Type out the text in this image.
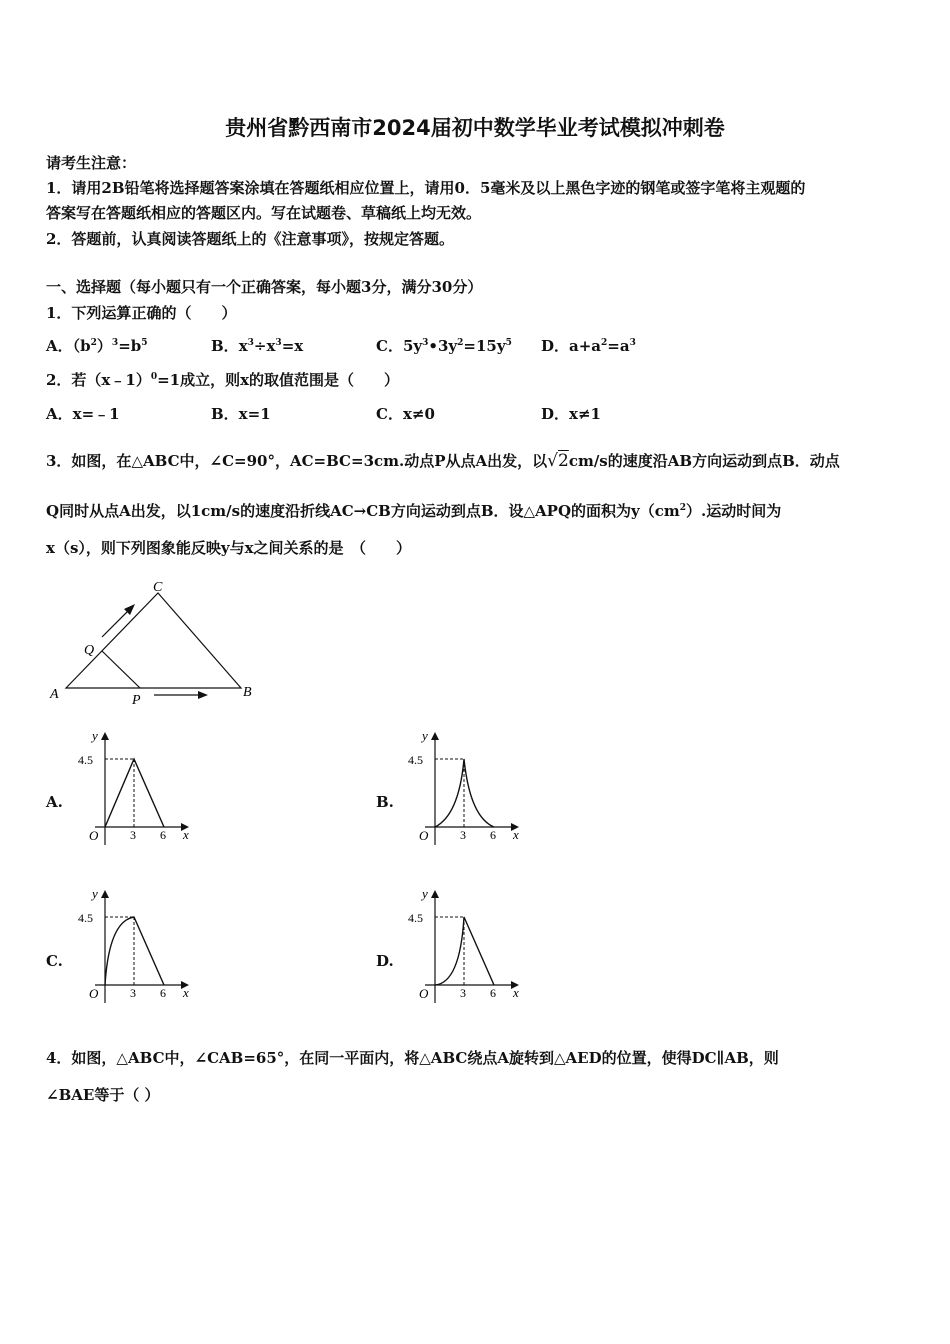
贵州省黔西南市2024届初中数学毕业考试模拟冲刺卷
请考生注意：
1．请用2B铅笔将选择题答案涂填在答题纸相应位置上，请用0．5毫米及以上黑色字迹的钢笔或签字笔将主观题的
答案写在答题纸相应的答题区内。写在试题卷、草稿纸上均无效。
2．答题前，认真阅读答题纸上的《注意事项》，按规定答题。
一、选择题（每小题只有一个正确答案，每小题3分，满分30分）
1．下列运算正确的（　　）
A．$(b^2)^3=b^5$	B．$x^3\div x^3=x$	C．$5y^3•3y^2=15y^5$ D．$a+a^2=a^3$
2．若（x﹣1）$^0$=1成立，则x的取值范围是（　　）
A．x=﹣1	B．x=1	C．x≠0	D．x≠1
3．如图，在△ABC中，∠C=90°，AC=BC=3cm.动点P从点A出发，以√2cm/s的速度沿AB方向运动到点B．动点
Q同时从点A出发，以1cm/s的速度沿折线AC→CB方向运动到点B．设△APQ的面积为$y(cm^2)$.运动时间为
x（s），则下列图象能反映y与x之间关系的是　（　　）
A	B
C
P
Q
A.
y
4.5
O	3 6 x
B.
y
4.5
O	3 6 x
C.
y
4.5
O	3 6 x
D.
y
4.5
O	3 6 x
4．如图，△ABC中，∠CAB=65°，在同一平面内，将△ABC绕点A旋转到△AED的位置，使得DC∥AB，则
∠BAE等于（ ）
